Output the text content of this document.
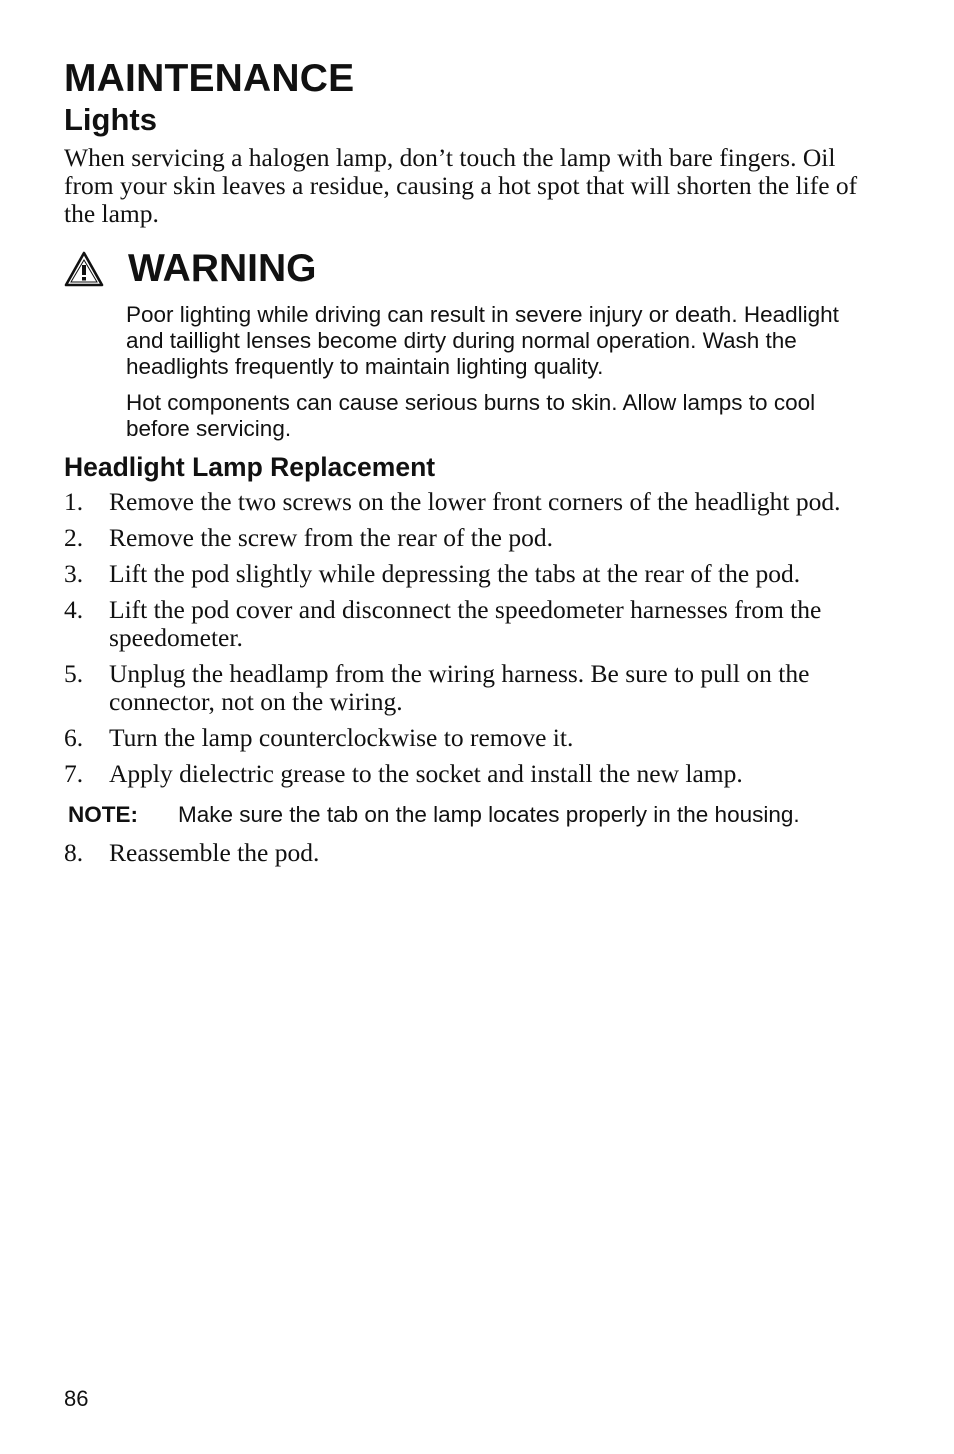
MAINTENANCE
Lights

When servicing a halogen lamp, don’t touch the lamp with bare fingers. Oil from your skin leaves a residue, causing a hot spot that will shorten the life of the lamp.

WARNING

Poor lighting while driving can result in severe injury or death. Headlight and taillight lenses become dirty during normal operation. Wash the headlights frequently to maintain lighting quality.

Hot components can cause serious burns to skin. Allow lamps to cool before servicing.

Headlight Lamp Replacement
1.	Remove the two screws on the lower front corners of the headlight pod.
2.	Remove the screw from the rear of the pod.
3.	Lift the pod slightly while depressing the tabs at the rear of the pod.
4.	Lift the pod cover and disconnect the speedometer harnesses from the speedometer.
5.	Unplug the headlamp from the wiring harness. Be sure to pull on the connector, not on the wiring.
6.	Turn the lamp counterclockwise to remove it.
7.	Apply dielectric grease to the socket and install the new lamp.
NOTE:	Make sure the tab on the lamp locates properly in the housing.
8.	Reassemble the pod.
86
